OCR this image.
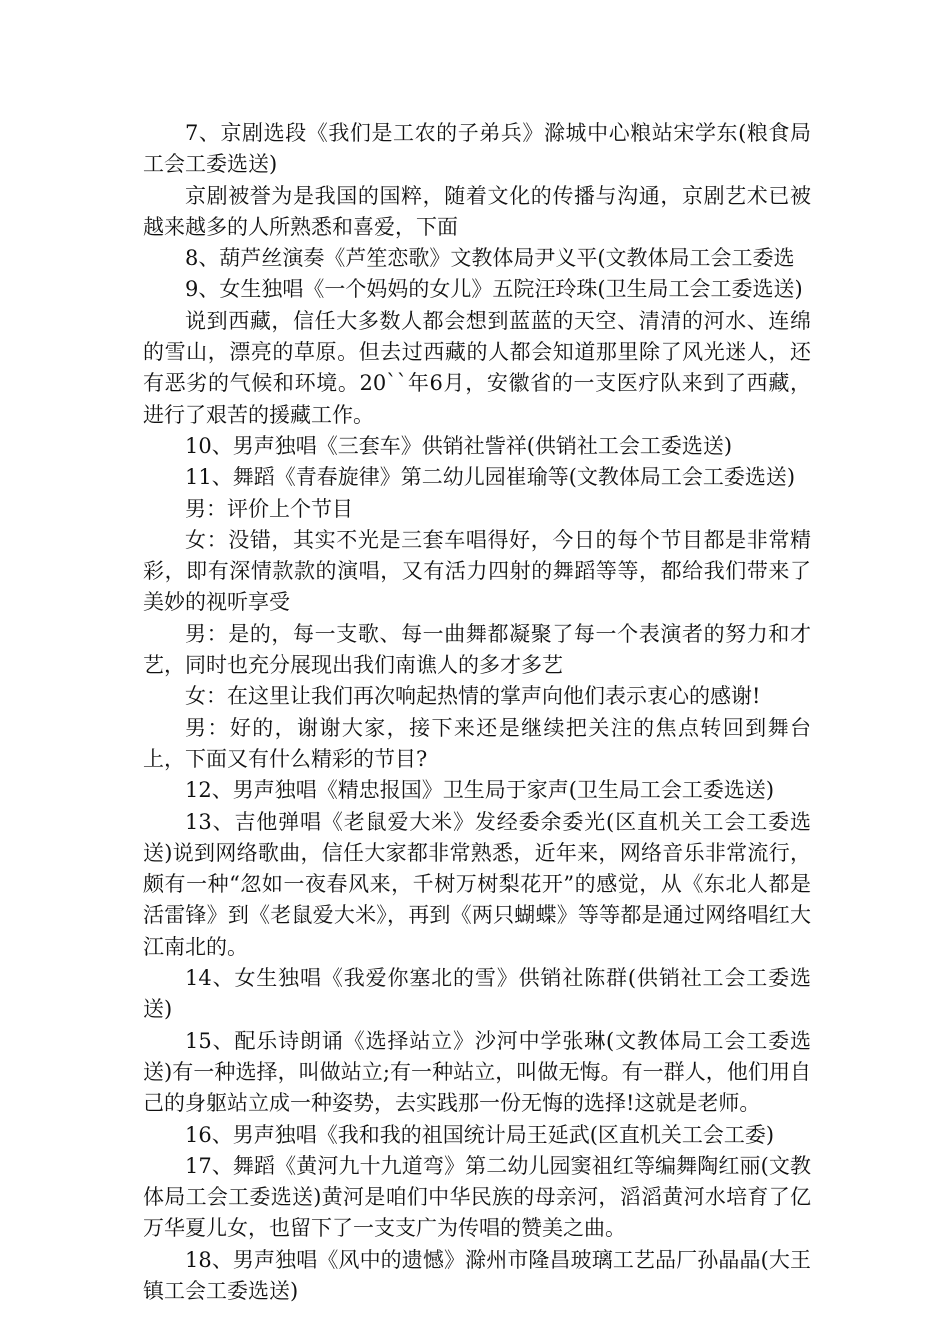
7、京剧选段《我们是工农的子弟兵》滁城中心粮站宋学东(粮食局工会工委选送)

京剧被誉为是我国的国粹，随着文化的传播与沟通，京剧艺术已被越来越多的人所熟悉和喜爱，下面

8、葫芦丝演奏《芦笙恋歌》文教体局尹义平(文教体局工会工委选

9、女生独唱《一个妈妈的女儿》五院汪玲珠(卫生局工会工委选送)

说到西藏，信任大多数人都会想到蓝蓝的天空、清清的河水、连绵的雪山，漂亮的草原。但去过西藏的人都会知道那里除了风光迷人，还有恶劣的气候和环境。20``年6月，安徽省的一支医疗队来到了西藏，进行了艰苦的援藏工作。

10、男声独唱《三套车》供销社訾祥(供销社工会工委选送)

11、舞蹈《青春旋律》第二幼儿园崔瑜等(文教体局工会工委选送)

男：评价上个节目

女：没错，其实不光是三套车唱得好，今日的每个节目都是非常精彩，即有深情款款的演唱，又有活力四射的舞蹈等等，都给我们带来了美妙的视听享受

男：是的，每一支歌、每一曲舞都凝聚了每一个表演者的努力和才艺，同时也充分展现出我们南谯人的多才多艺

女：在这里让我们再次响起热情的掌声向他们表示衷心的感谢!

男：好的，谢谢大家，接下来还是继续把关注的焦点转回到舞台上，下面又有什么精彩的节目?

12、男声独唱《精忠报国》卫生局于家声(卫生局工会工委选送)

13、吉他弹唱《老鼠爱大米》发经委余委光(区直机关工会工委选送)说到网络歌曲，信任大家都非常熟悉，近年来，网络音乐非常流行，颇有一种“忽如一夜春风来，千树万树梨花开”的感觉，从《东北人都是活雷锋》到《老鼠爱大米》，再到《两只蝴蝶》等等都是通过网络唱红大江南北的。

14、女生独唱《我爱你塞北的雪》供销社陈群(供销社工会工委选送)

15、配乐诗朗诵《选择站立》沙河中学张琳(文教体局工会工委选送)有一种选择，叫做站立;有一种站立，叫做无悔。有一群人，他们用自己的身躯站立成一种姿势，去实践那一份无悔的选择!这就是老师。

16、男声独唱《我和我的祖国统计局王延武(区直机关工会工委)

17、舞蹈《黄河九十九道弯》第二幼儿园窦祖红等编舞陶红丽(文教体局工会工委选送)黄河是咱们中华民族的母亲河，滔滔黄河水培育了亿万华夏儿女，也留下了一支支广为传唱的赞美之曲。

18、男声独唱《风中的遗憾》滁州市隆昌玻璃工艺品厂孙晶晶(大王镇工会工委选送)
